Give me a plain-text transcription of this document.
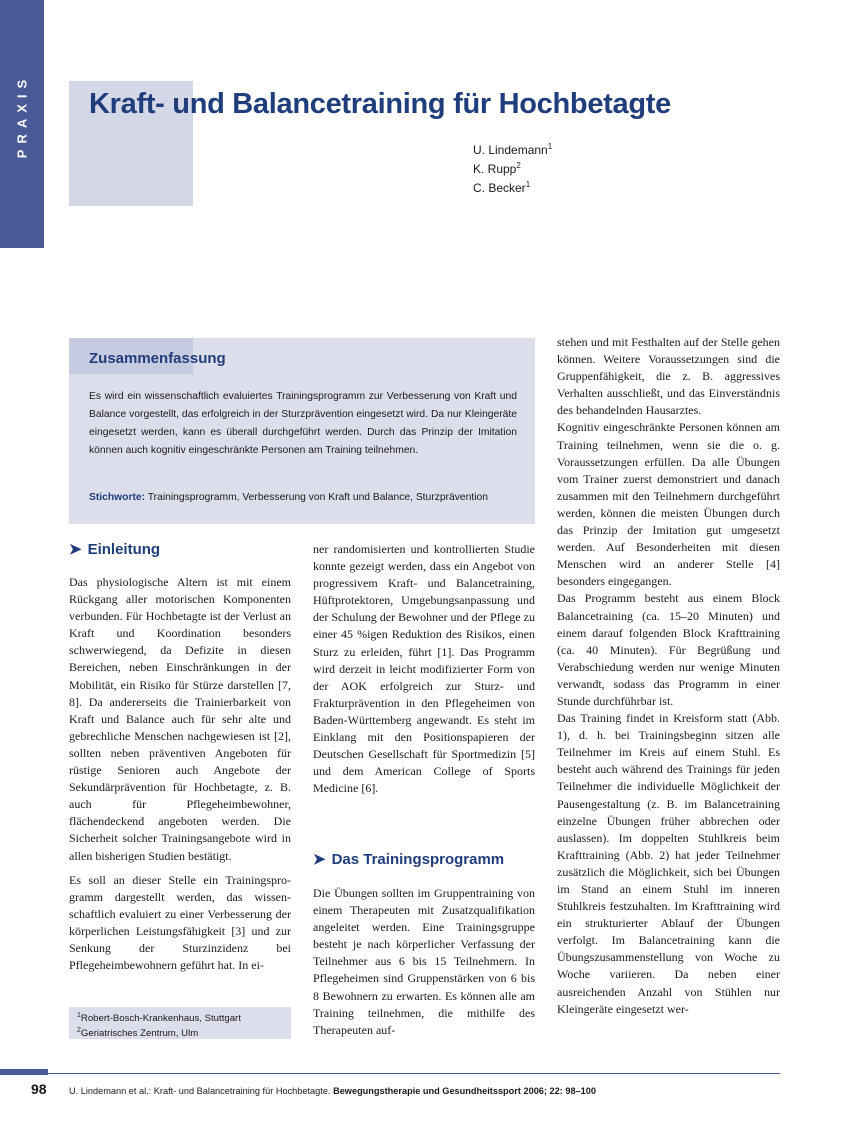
PRAXIS Kraft- und Balancetraining für Hochbetagte
U. Lindemann$^1$
K. Rupp$^2$
C. Becker$^1$
Zusammenfassung

Es wird ein wissenschaftlich evaluiertes Trainingsprogramm zur Verbesserung von Kraft und Balance vorgestellt, das erfolgreich in der Sturzprävention eingesetzt wird. Da nur Kleingeräte eingesetzt werden, kann es überall durchgeführt werden. Durch das Prinzip der Imitation können auch kognitiv eingeschränkte Personen am Training teilnehmen.

Stichworte: Trainingsprogramm, Verbesserung von Kraft und Balance, Sturzprävention

➤ Einleitung

Das physiologische Altern ist mit einem Rückgang aller motorischen Komponenten verbunden. Für Hochbetagte ist der Verlust an Kraft und Koordination besonders schwerwiegend, da Defizite in diesen Bereichen, neben Einschränkungen in der Mobilität, ein Risiko für Stürze darstellen [7, 8]. Da andererseits die Trainierbarkeit von Kraft und Balance auch für sehr alte und gebrechliche Menschen nachgewiesen ist [2], sollten neben präventiven Angeboten für rüstige Senioren auch Angebote der Sekundärprävention für Hochbetagte, z. B. auch für Pflegeheimbewohner, flächendeckend angeboten werden. Die Sicherheit solcher Trainingsangebote wird in allen bisherigen Studien bestätigt.

Es soll an dieser Stelle ein Trainingsprogramm dargestellt werden, das wissenschaftlich evaluiert zu einer Verbesserung der körperlichen Leistungsfähigkeit [3] und zur Senkung der Sturzinzidenz bei Pflegeheimbewohnern geführt hat. In ei-

ner randomisierten und kontrollierten Studie konnte gezeigt werden, dass ein Angebot von progressivem Kraft- und Balancetraining, Hüftprotektoren, Umgebungsanpassung und der Schulung der Bewohner und der Pflege zu einer 45 %igen Reduktion des Risikos, einen Sturz zu erleiden, führt [1]. Das Programm wird derzeit in leicht modifizierter Form von der AOK erfolgreich zur Sturz- und Frakturprävention in den Pflegeheimen von Baden-Württemberg angewandt. Es steht im Einklang mit den Positionspapieren der Deutschen Gesellschaft für Sportmedizin [5] und dem American College of Sports Medicine [6].

➤ Das Trainingsprogramm

Die Übungen sollten im Gruppentraining von einem Therapeuten mit Zusatzqualifikation angeleitet werden. Eine Trainingsgruppe besteht je nach körperlicher Verfassung der Teilnehmer aus 6 bis 15 Teilnehmern. In Pflegeheimen sind Gruppenstärken von 6 bis 8 Bewohnern zu erwarten. Es können alle am Training teilnehmen, die mithilfe des Therapeuten auf-

stehen und mit Festhalten auf der Stelle gehen können. Weitere Voraussetzungen sind die Gruppenfähigkeit, die z. B. aggressives Verhalten ausschließt, und das Einverständnis des behandelnden Hausarztes.

Kognitiv eingeschränkte Personen können am Training teilnehmen, wenn sie die o. g. Voraussetzungen erfüllen. Da alle Übungen vom Trainer zuerst demonstriert und danach zusammen mit den Teilnehmern durchgeführt werden, können die meisten Übungen durch das Prinzip der Imitation gut umgesetzt werden. Auf Besonderheiten mit diesen Menschen wird an anderer Stelle [4] besonders eingegangen.

Das Programm besteht aus einem Block Balancetraining (ca. 15–20 Minuten) und einem darauf folgenden Block Krafttraining (ca. 40 Minuten). Für Begrüßung und Verabschiedung werden nur wenige Minuten verwandt, sodass das Programm in einer Stunde durchführbar ist.

Das Training findet in Kreisform statt (Abb. 1), d. h. bei Trainingsbeginn sitzen alle Teilnehmer im Kreis auf einem Stuhl. Es besteht auch während des Trainings für jeden Teilnehmer die individuelle Möglichkeit der Pausengestaltung (z. B. im Balancetraining einzelne Übungen früher abbrechen oder auslassen). Im doppelten Stuhlkreis beim Krafttraining (Abb. 2) hat jeder Teilnehmer zusätzlich die Möglichkeit, sich bei Übungen im Stand an einem Stuhl im inneren Stuhlkreis festzuhalten. Im Krafttraining wird ein strukturierter Ablauf der Übungen verfolgt. Im Balancetraining kann die Übungszusammenstellung von Woche zu Woche variieren. Da neben einer ausreichenden Anzahl von Stühlen nur Kleingeräte eingesetzt wer-

$^1$Robert-Bosch-Krankenhaus, Stuttgart
$^2$Geriatrisches Zentrum, Ulm
98 U. Lindemann et al.: Kraft- und Balancetraining für Hochbetagte. Bewegungstherapie und Gesundheitssport 2006; 22: 98–100
